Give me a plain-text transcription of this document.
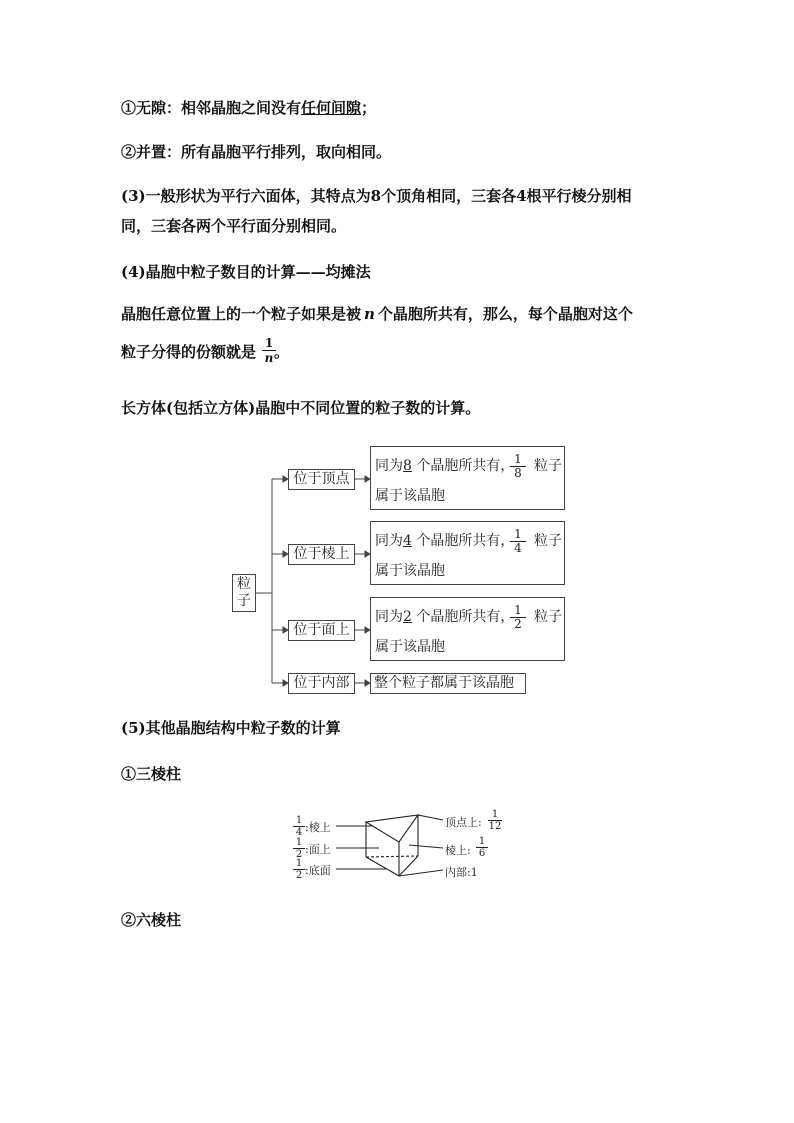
①无隙：相邻晶胞之间没有任何间隙；
②并置：所有晶胞平行排列，取向相同。
(3)一般形状为平行六面体，其特点为8个顶角相同，三套各4根平行棱分别相
同，三套各两个平行面分别相同。
(4)晶胞中粒子数目的计算——均摊法
晶胞任意位置上的一个粒子如果是被 n 个晶胞所共有，那么，每个晶胞对这个
粒子分得的份额就是 。
$\frac{1}{n}$
长方体(包括立方体)晶胞中不同位置的粒子数的计算。
粒子
位于顶点
位于棱上
位于面上
位于内部
同为8 个晶胞所共有， 1
8 粒子
属于该晶胞
同为4 个晶胞所共有， 1
4 粒子
属于该晶胞
同为2 个晶胞所共有， 1
2 粒子
属于该晶胞
整个粒子都属于该晶胞
(5)其他晶胞结构中粒子数的计算
①三棱柱
1
4 :棱上
1
2 :面上
1
2 :底面
顶点上:
1
12
棱上:
1
6
内部:1
②六棱柱
